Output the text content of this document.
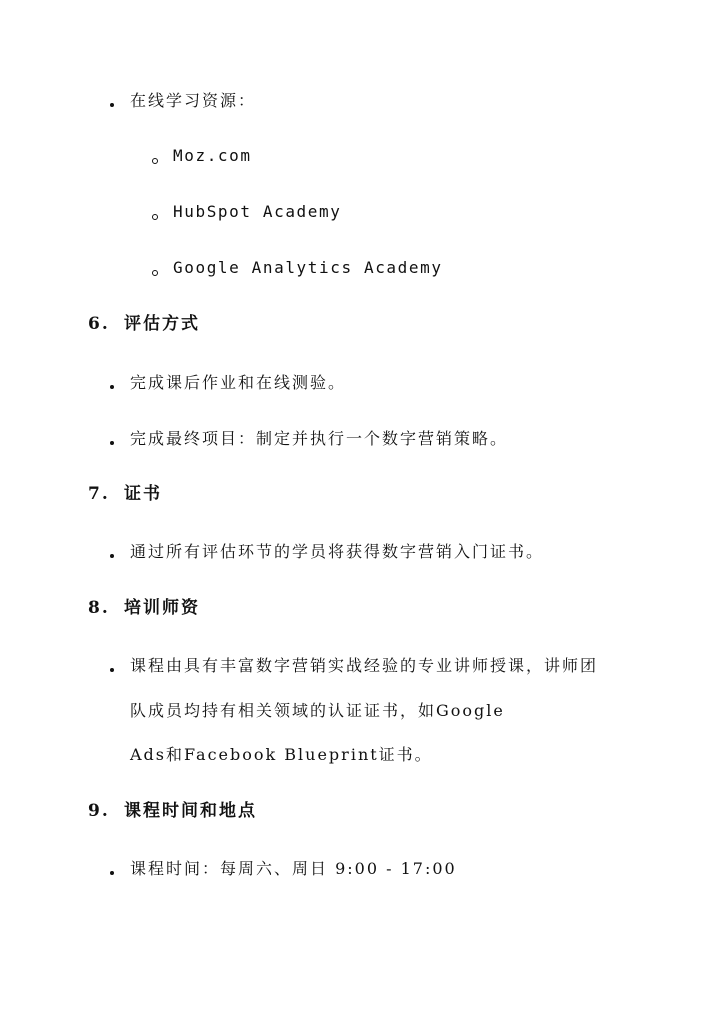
在线学习资源：
Moz.com
HubSpot Academy
Google Analytics Academy
6. 评估方式
完成课后作业和在线测验。
完成最终项目：制定并执行一个数字营销策略。
7. 证书
通过所有评估环节的学员将获得数字营销入门证书。
8. 培训师资
课程由具有丰富数字营销实战经验的专业讲师授课，讲师团
队成员均持有相关领域的认证证书，如Google
Ads和Facebook Blueprint证书。
9. 课程时间和地点
课程时间：每周六、周日 9:00 - 17:00
